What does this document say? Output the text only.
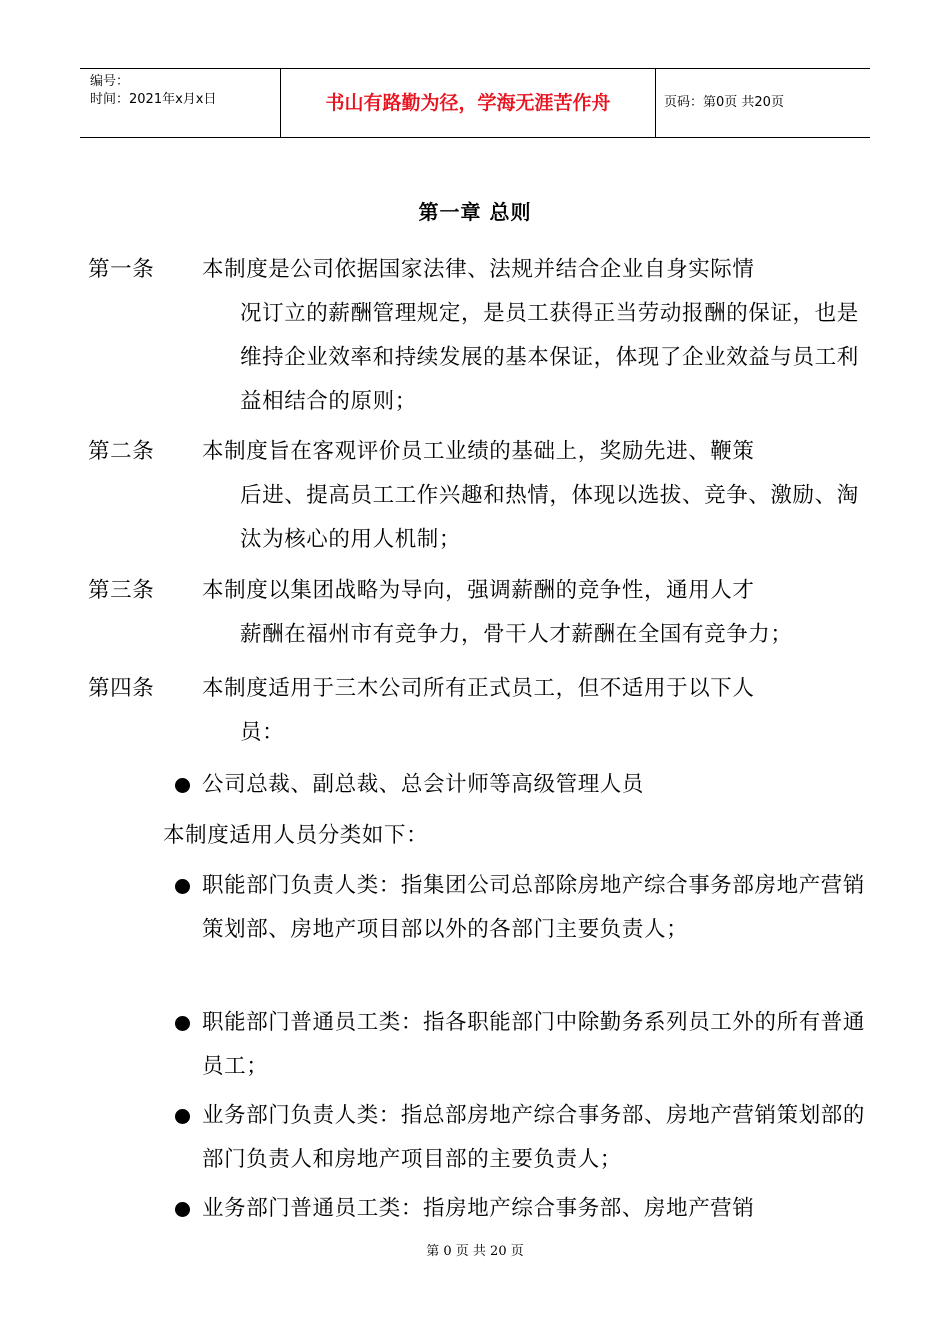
编号：
时间：2021年x月x日	书山有路勤为径，学海无涯苦作舟	页码：第0页 共20页
第一章 总则
第一条 本制度是公司依据国家法律、法规并结合企业自身实际情
况订立的薪酬管理规定，是员工获得正当劳动报酬的保证，也是维持企业效率和持续发展的基本保证，体现了企业效益与员工利益相结合的原则；
第二条 本制度旨在客观评价员工业绩的基础上，奖励先进、鞭策
后进、提高员工工作兴趣和热情，体现以选拔、竞争、激励、淘汰为核心的用人机制；
第三条 本制度以集团战略为导向，强调薪酬的竞争性，通用人才
薪酬在福州市有竞争力，骨干人才薪酬在全国有竞争力；
第四条 本制度适用于三木公司所有正式员工，但不适用于以下人
员：
公司总裁、副总裁、总会计师等高级管理人员
本制度适用人员分类如下：
职能部门负责人类：指集团公司总部除房地产综合事务部房地产营销策划部、房地产项目部以外的各部门主要负责人；
职能部门普通员工类：指各职能部门中除勤务系列员工外的所有普通员工；
业务部门负责人类：指总部房地产综合事务部、房地产营销策划部的部门负责人和房地产项目部的主要负责人；
业务部门普通员工类：指房地产综合事务部、房地产营销
第 0 页 共 20 页
